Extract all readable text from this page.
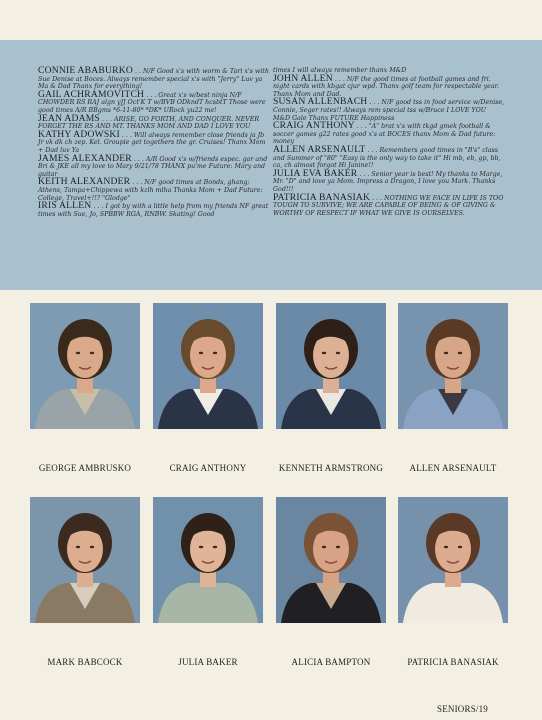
CONNIE ABABURKO . . N/F Good x's with worm & Tari x's with Sue Denise at Boces. Always remember special x's with "Jerry" Luv ya Ma & Dad Thanx for everything!

GAIL ACHRAMOVITCH . . . Great x's w/best ninja N/F CHOWDER RS RAJ algn yJJ Oct'K T w/BVB ODkndT hcsbtT Those were good times A/R BBgms *6-11-80* *DK* URock yu22 me!

JEAN ADAMS . . . ARISE, GO FORTH, AND CONQUER. NEVER FORGET THE RS AND MT. THANKS MOM AND DAD I LOVE YOU

KATHY ADOWSKI . . . Will always remember close friends ja Jb Jr vk dk ch zep. Kel. Groupie get togethers the gr. Cruises! Thanx Mom + Dad luv Ya

JAMES ALEXANDER . . . A/R Good x's w/friends espec. gar and Bri & JKE all my love to Mary 9/21/78 THANX pu'me Future: Mary and guitar

KEITH ALEXANDER . . . N/F good times at Bonds, ghang; Athens, Tampa+Chippewa with kzlh mlha Thanks Mom + Dad Future: College, Travel+!!? "Glodge"

IRIS ALLEN . . . I got by with a little help from my friends NF great times with Sue, Jo, SPBBW RGA, RNBW. Skating! Good

times I will always remember thanx M&D

JOHN ALLEN . . . N/F the good times at football games and fri. night cards with kbgat cjur wpd. Thanx golf team for respectable year. Thanx Mom and Dad.

SUSAN ALLENBACH . . . N/F good tss in food service w/Denise, Connie, Seger rates!! Always rem special tss w/Bruce I LOVE YOU M&D Gale Thanx FUTURE Happiness

CRAIG ANTHONY . . . "A" brat x's with tkgd gmek football & soccer games g22 rates good x's at BOCES thanx Mom & Dad future: money

ALLEN ARSENAULT . . . Remembers good times in "B's" class and Summer of "80" "Easy is the only way to take it" Hi mb, eb, gp, bb, ca, ch almost forgot Hi Janine!!

JULIA EVA BAKER . . . Senior year is best! My thanks to Marge, Mr. "D" and love ya Mom. Impress a Dragon, I love you Mark. Thanks God!!!

PATRICIA BANASIAK . . . NOTHING WE FACE IN LIFE IS TOO TOUGH TO SURVIVE; WE ARE CAPABLE OF BEING & OF GIVING & WORTHY OF RESPECT IF WHAT WE GIVE IS OURSELVES.

GEORGE AMBRUSKO	CRAIG ANTHONY	KENNETH ARMSTRONG	ALLEN ARSENAULT
MARK BABCOCK	JULIA BAKER	ALICIA BAMPTON	PATRICIA BANASIAK
SENIORS/19
